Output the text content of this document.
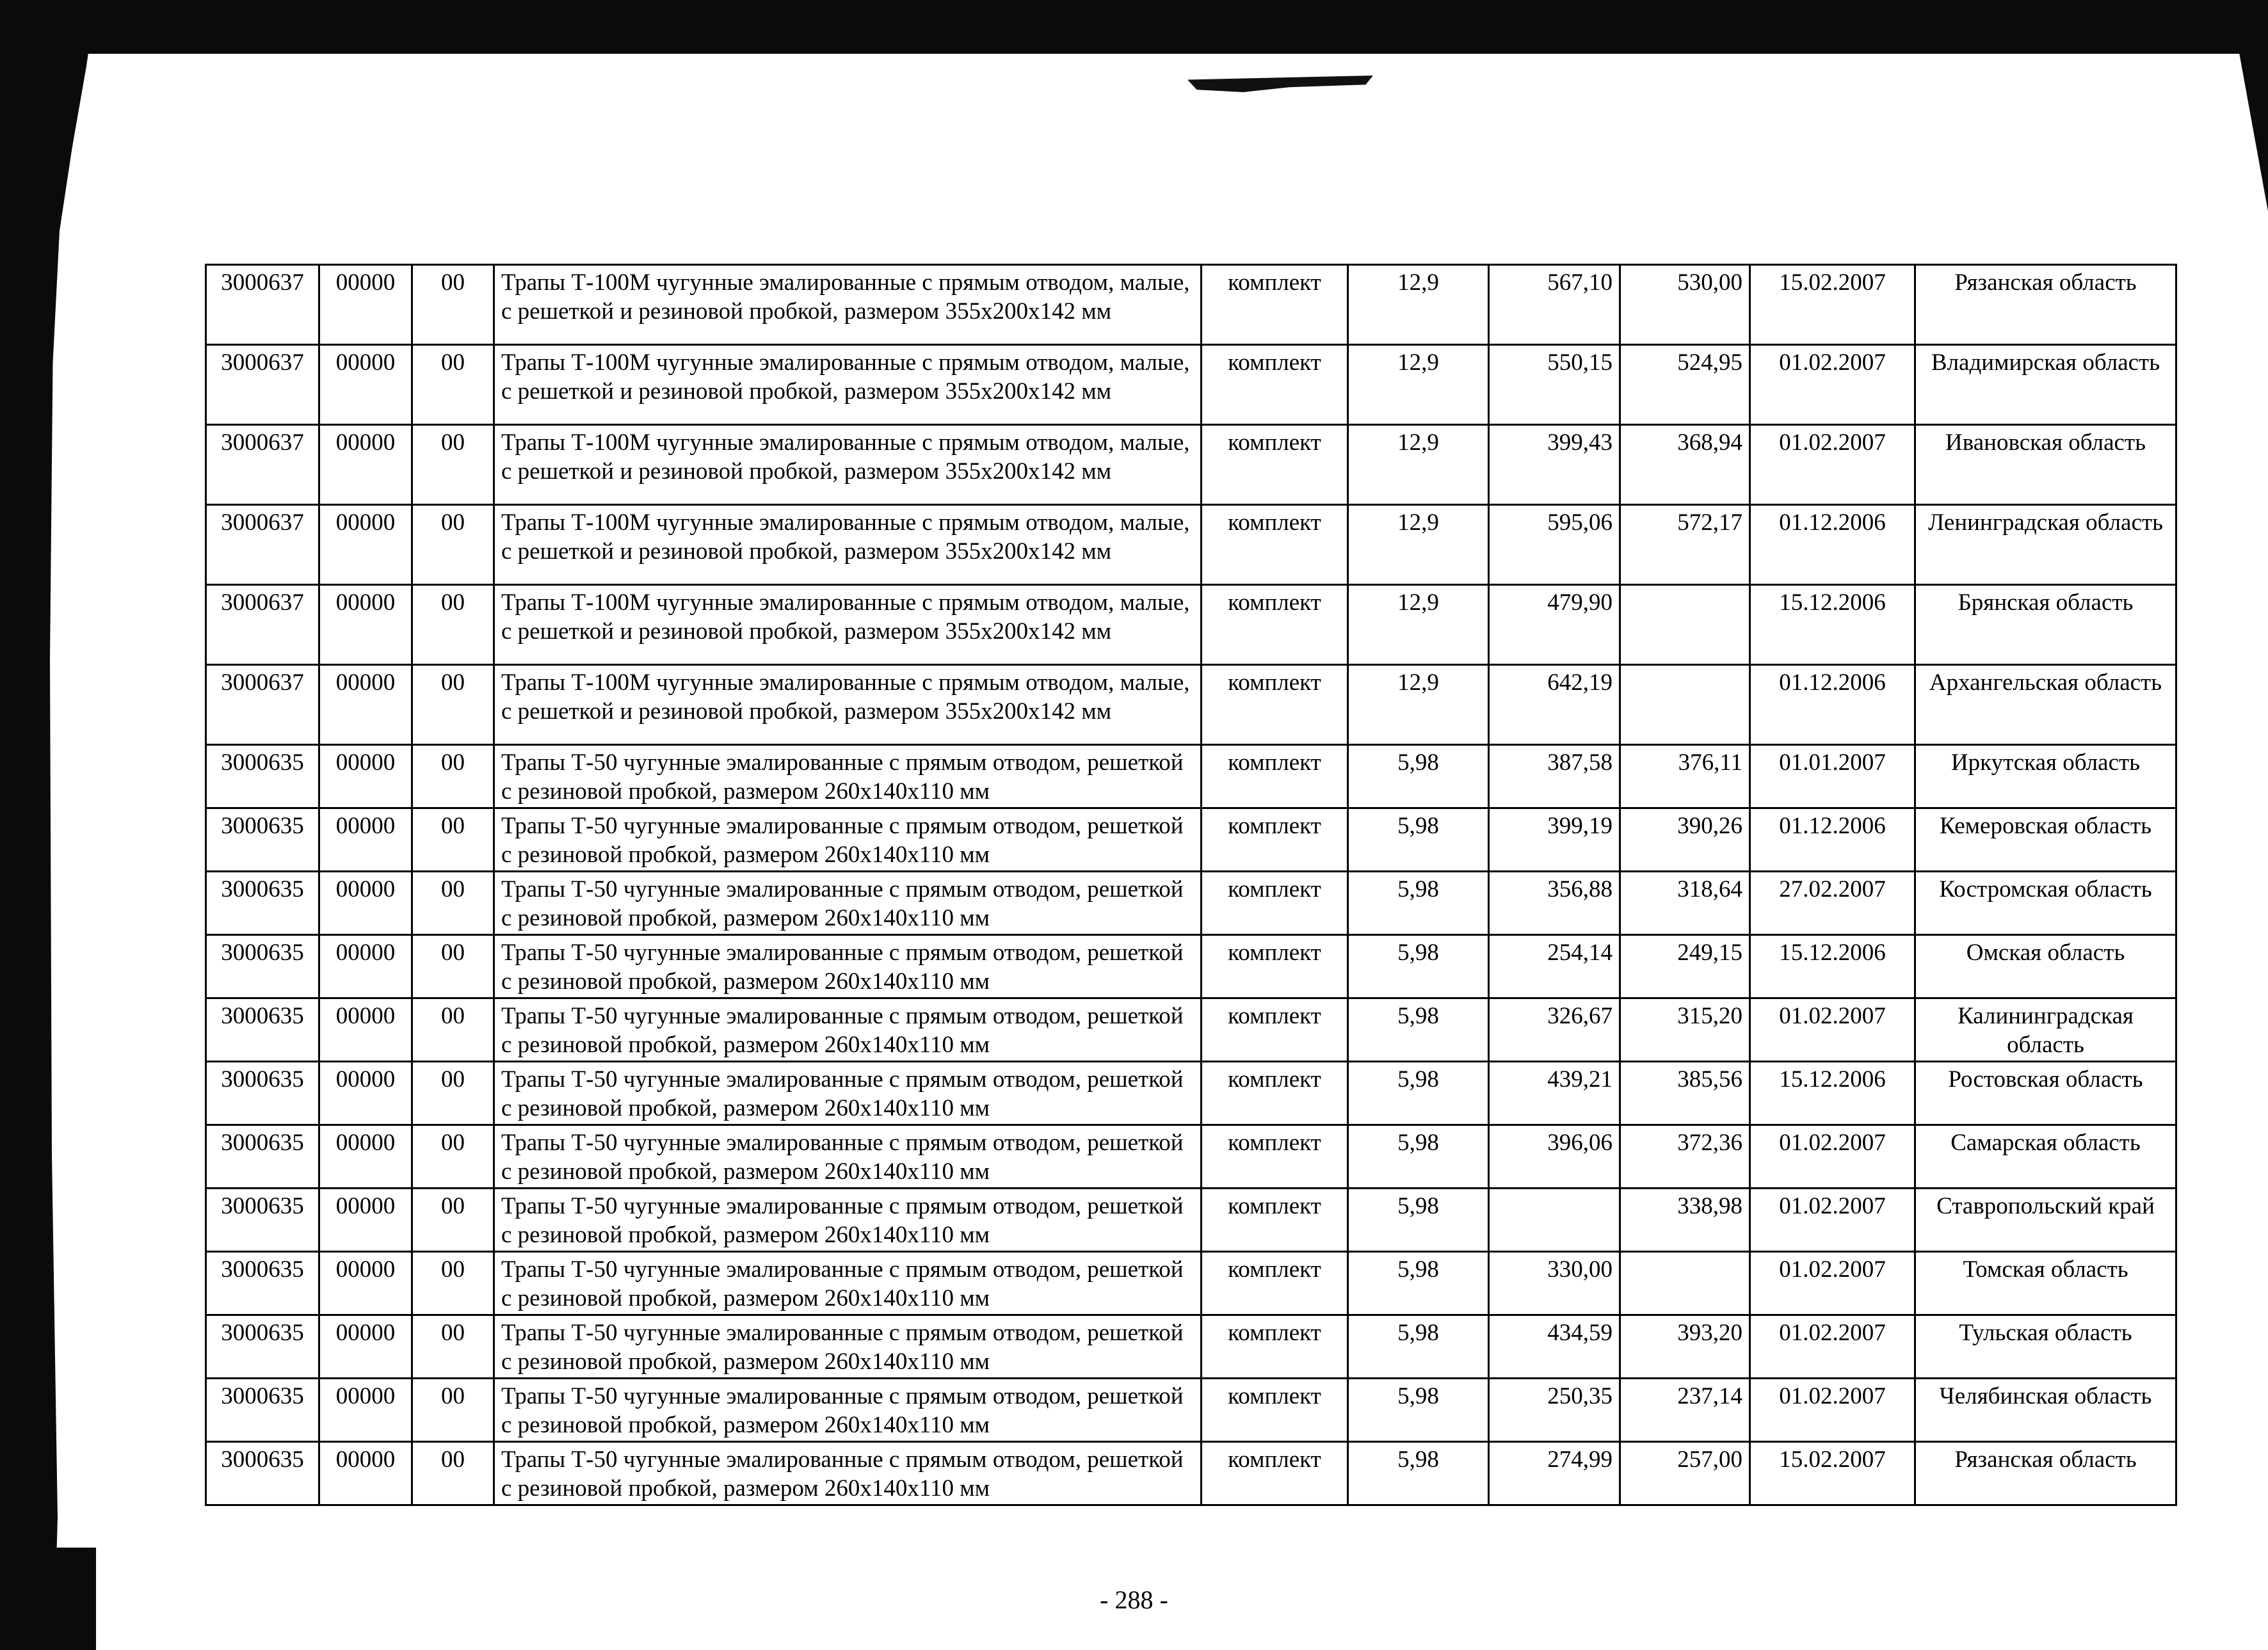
3000637	00000	00	Трапы Т-100М чугунные эмалированные с прямым отводом, малые, с решеткой и резиновой пробкой, размером 355х200х142 мм	комплект	12,9	567,10	530,00	15.02.2007	Рязанская область
3000637	00000	00	Трапы Т-100М чугунные эмалированные с прямым отводом, малые, с решеткой и резиновой пробкой, размером 355х200х142 мм	комплект	12,9	550,15	524,95	01.02.2007	Владимирская область
3000637	00000	00	Трапы Т-100М чугунные эмалированные с прямым отводом, малые, с решеткой и резиновой пробкой, размером 355х200х142 мм	комплект	12,9	399,43	368,94	01.02.2007	Ивановская область
3000637	00000	00	Трапы Т-100М чугунные эмалированные с прямым отводом, малые, с решеткой и резиновой пробкой, размером 355х200х142 мм	комплект	12,9	595,06	572,17	01.12.2006	Ленинградская область
3000637	00000	00	Трапы Т-100М чугунные эмалированные с прямым отводом, малые, с решеткой и резиновой пробкой, размером 355х200х142 мм	комплект	12,9	479,90		15.12.2006	Брянская область
3000637	00000	00	Трапы Т-100М чугунные эмалированные с прямым отводом, малые, с решеткой и резиновой пробкой, размером 355х200х142 мм	комплект	12,9	642,19		01.12.2006	Архангельская область
3000635	00000	00	Трапы Т-50 чугунные эмалированные с прямым отводом, решеткой с резиновой пробкой, размером 260х140х110 мм	комплект	5,98	387,58	376,11	01.01.2007	Иркутская область
3000635	00000	00	Трапы Т-50 чугунные эмалированные с прямым отводом, решеткой с резиновой пробкой, размером 260х140х110 мм	комплект	5,98	399,19	390,26	01.12.2006	Кемеровская область
3000635	00000	00	Трапы Т-50 чугунные эмалированные с прямым отводом, решеткой с резиновой пробкой, размером 260х140х110 мм	комплект	5,98	356,88	318,64	27.02.2007	Костромская область
3000635	00000	00	Трапы Т-50 чугунные эмалированные с прямым отводом, решеткой с резиновой пробкой, размером 260х140х110 мм	комплект	5,98	254,14	249,15	15.12.2006	Омская область
3000635	00000	00	Трапы Т-50 чугунные эмалированные с прямым отводом, решеткой с резиновой пробкой, размером 260х140х110 мм	комплект	5,98	326,67	315,20	01.02.2007	Калининградская область
3000635	00000	00	Трапы Т-50 чугунные эмалированные с прямым отводом, решеткой с резиновой пробкой, размером 260х140х110 мм	комплект	5,98	439,21	385,56	15.12.2006	Ростовская область
3000635	00000	00	Трапы Т-50 чугунные эмалированные с прямым отводом, решеткой с резиновой пробкой, размером 260х140х110 мм	комплект	5,98	396,06	372,36	01.02.2007	Самарская область
3000635	00000	00	Трапы Т-50 чугунные эмалированные с прямым отводом, решеткой с резиновой пробкой, размером 260х140х110 мм	комплект	5,98		338,98	01.02.2007	Ставропольский край
3000635	00000	00	Трапы Т-50 чугунные эмалированные с прямым отводом, решеткой с резиновой пробкой, размером 260х140х110 мм	комплект	5,98	330,00		01.02.2007	Томская область
3000635	00000	00	Трапы Т-50 чугунные эмалированные с прямым отводом, решеткой с резиновой пробкой, размером 260х140х110 мм	комплект	5,98	434,59	393,20	01.02.2007	Тульская область
3000635	00000	00	Трапы Т-50 чугунные эмалированные с прямым отводом, решеткой с резиновой пробкой, размером 260х140х110 мм	комплект	5,98	250,35	237,14	01.02.2007	Челябинская область
3000635	00000	00	Трапы Т-50 чугунные эмалированные с прямым отводом, решеткой с резиновой пробкой, размером 260х140х110 мм	комплект	5,98	274,99	257,00	15.02.2007	Рязанская область
- 288 -
